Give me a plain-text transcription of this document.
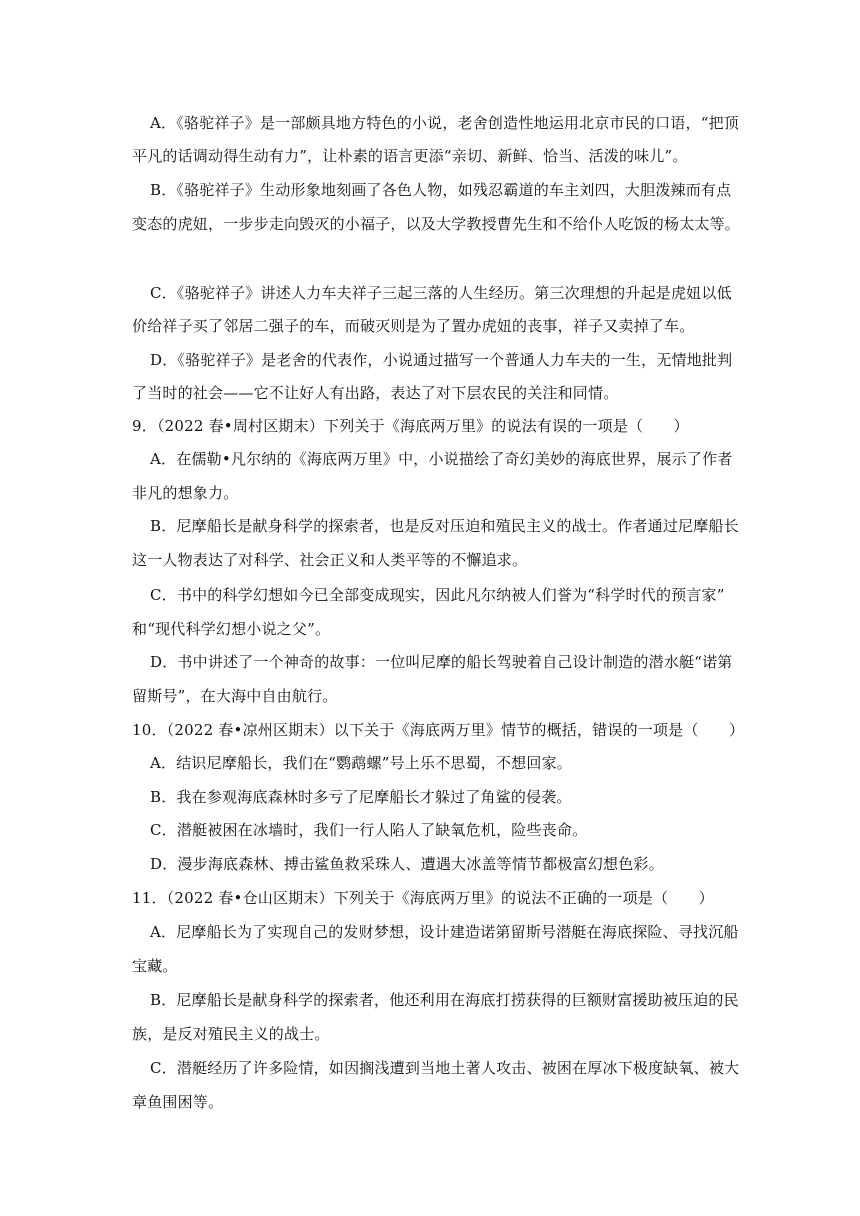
A．《骆驼祥子》是一部颇具地方特色的小说，老舍创造性地运用北京市民的口语，“把顶
平凡的话调动得生动有力”，让朴素的语言更添“亲切、新鲜、恰当、活泼的味儿”。
B．《骆驼祥子》生动形象地刻画了各色人物，如残忍霸道的车主刘四，大胆泼辣而有点
变态的虎妞，一步步走向毁灭的小福子，以及大学教授曹先生和不给仆人吃饭的杨太太等。
C．《骆驼祥子》讲述人力车夫祥子三起三落的人生经历。第三次理想的升起是虎妞以低
价给祥子买了邻居二强子的车，而破灭则是为了置办虎妞的丧事，祥子又卖掉了车。
D．《骆驼祥子》是老舍的代表作，小说通过描写一个普通人力车夫的一生，无情地批判
了当时的社会——它不让好人有出路，表达了对下层农民的关注和同情。
9．（2022 春•周村区期末）下列关于《海底两万里》的说法有误的一项是（　　）
A．在儒勒•凡尔纳的《海底两万里》中，小说描绘了奇幻美妙的海底世界，展示了作者
非凡的想象力。
B．尼摩船长是献身科学的探索者，也是反对压迫和殖民主义的战士。作者通过尼摩船长
这一人物表达了对科学、社会正义和人类平等的不懈追求。
C．书中的科学幻想如今已全部变成现实，因此凡尔纳被人们誉为“科学时代的预言家”
和“现代科学幻想小说之父”。
D．书中讲述了一个神奇的故事：一位叫尼摩的船长驾驶着自己设计制造的潜水艇“诺第
留斯号”，在大海中自由航行。
10．（2022 春•凉州区期末）以下关于《海底两万里》情节的概括，错误的一项是（　　）
A．结识尼摩船长，我们在“鹦鹉螺”号上乐不思蜀，不想回家。
B．我在参观海底森林时多亏了尼摩船长才躲过了角鲨的侵袭。
C．潜艇被困在冰墙时，我们一行人陷人了缺氧危机，险些丧命。
D．漫步海底森林、搏击鲨鱼救采珠人、遭遇大冰盖等情节都极富幻想色彩。
11．（2022 春•仓山区期末）下列关于《海底两万里》的说法不正确的一项是（　　）
A．尼摩船长为了实现自己的发财梦想，设计建造诺第留斯号潜艇在海底探险、寻找沉船
宝藏。
B．尼摩船长是献身科学的探索者，他还利用在海底打捞获得的巨额财富援助被压迫的民
族，是反对殖民主义的战士。
C．潜艇经历了许多险情，如因搁浅遭到当地土著人攻击、被困在厚冰下极度缺氧、被大
章鱼围困等。
